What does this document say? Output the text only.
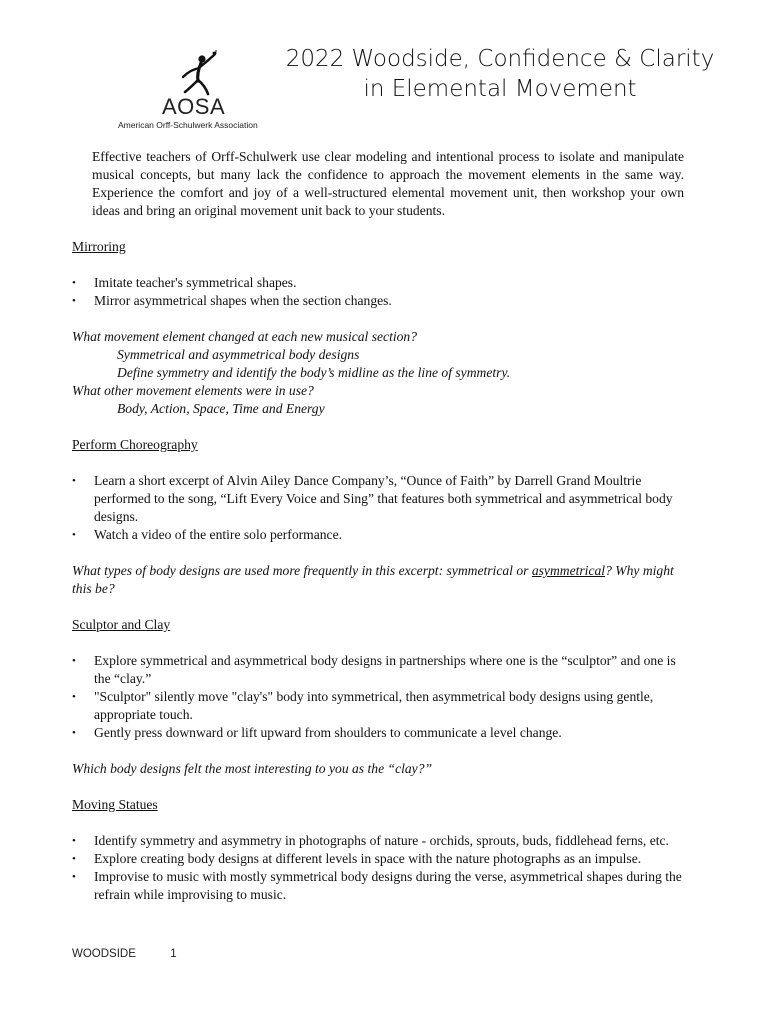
AOSA
American Orff-Schulwerk Association
2022 Woodside, Confidence & Clarity
in Elemental Movement

Effective teachers of Orff-Schulwerk use clear modeling and intentional process to isolate and manipulate musical concepts, but many lack the confidence to approach the movement elements in the same way. Experience the comfort and joy of a well-structured elemental movement unit, then workshop your own ideas and bring an original movement unit back to your students.

Mirroring

• Imitate teacher's symmetrical shapes.
• Mirror asymmetrical shapes when the section changes.

What movement element changed at each new musical section?

Symmetrical and asymmetrical body designs

Define symmetry and identify the body’s midline as the line of symmetry.

What other movement elements were in use?

Body, Action, Space, Time and Energy

Perform Choreography

• Learn a short excerpt of Alvin Ailey Dance Company’s, “Ounce of Faith” by Darrell Grand Moultrie performed to the song, “Lift Every Voice and Sing” that features both symmetrical and asymmetrical body designs.
• Watch a video of the entire solo performance.

What types of body designs are used more frequently in this excerpt: symmetrical or asymmetrical? Why might this be?

Sculptor and Clay

• Explore symmetrical and asymmetrical body designs in partnerships where one is the “sculptor” and one is the “clay.”
• "Sculptor" silently move "clay's" body into symmetrical, then asymmetrical body designs using gentle, appropriate touch.
• Gently press downward or lift upward from shoulders to communicate a level change.

Which body designs felt the most interesting to you as the “clay?”

Moving Statues

• Identify symmetry and asymmetry in photographs of nature - orchids, sprouts, buds, fiddlehead ferns, etc.
• Explore creating body designs at different levels in space with the nature photographs as an impulse.
• Improvise to music with mostly symmetrical body designs during the verse, asymmetrical shapes during the refrain while improvising to music.
WOODSIDE	1
